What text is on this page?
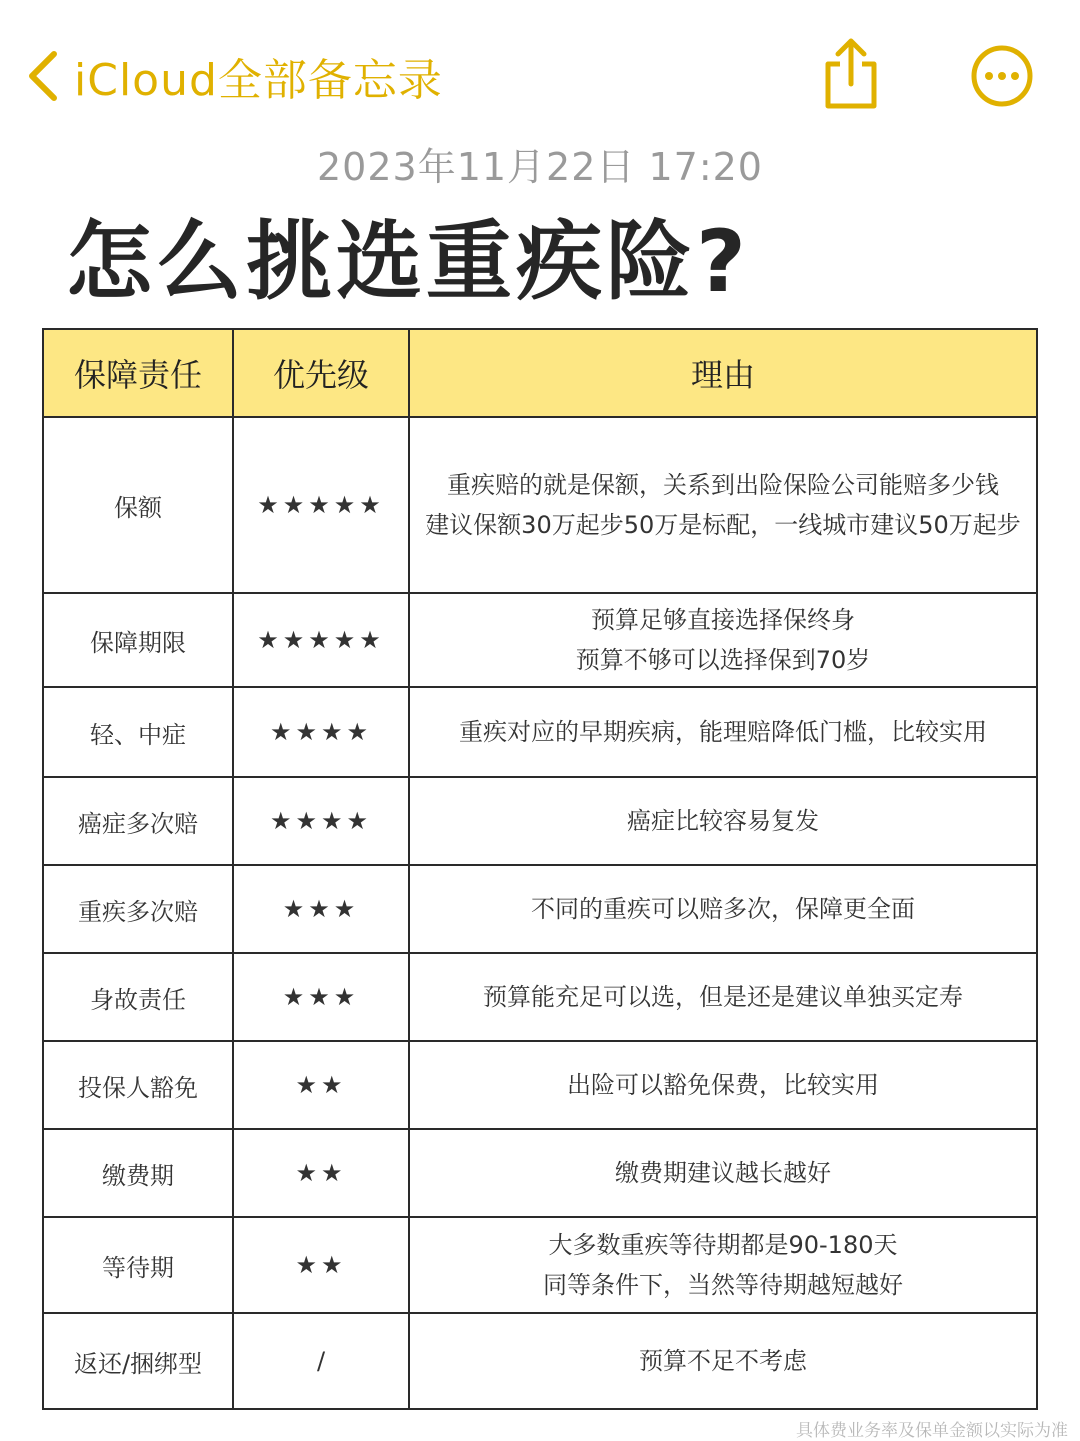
iCloud全部备忘录
2023年11月22日 17:20
怎么挑选重疾险?
保障责任	优先级	理由
保额	★★★★★	重疾赔的就是保额，关系到出险保险公司能赔多少钱
建议保额30万起步50万是标配，一线城市建议50万起步
保障期限	★★★★★	预算足够直接选择保终身
预算不够可以选择保到70岁
轻、中症	★★★★	重疾对应的早期疾病，能理赔降低门槛，比较实用
癌症多次赔	★★★★	癌症比较容易复发
重疾多次赔	★★★	不同的重疾可以赔多次，保障更全面
身故责任	★★★	预算能充足可以选，但是还是建议单独买定寿
投保人豁免	★★	出险可以豁免保费，比较实用
缴费期	★★	缴费期建议越长越好
等待期	★★	大多数重疾等待期都是90-180天
同等条件下，当然等待期越短越好
返还/捆绑型	/	预算不足不考虑
具体费业务率及保单金额以实际为准
